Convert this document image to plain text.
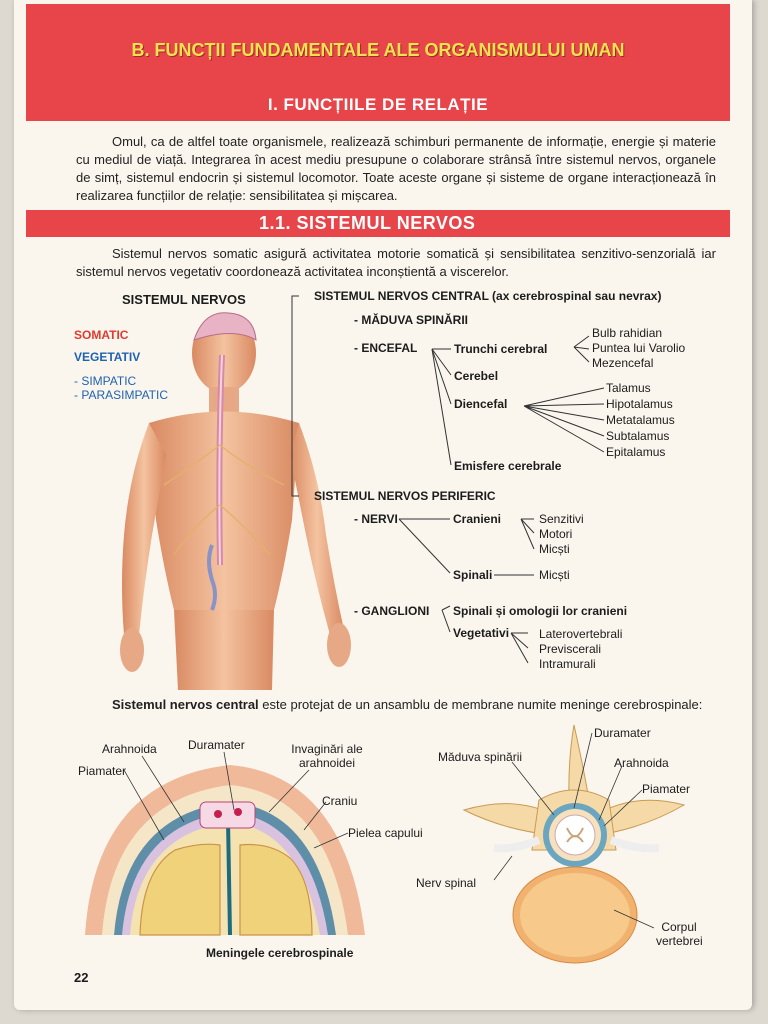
B. FUNCȚII FUNDAMENTALE ALE ORGANISMULUI UMAN
I. FUNCȚIILE DE RELAȚIE
Omul, ca de altfel toate organismele, realizează schimburi permanente de informație, energie și materie cu mediul de viață. Integrarea în acest mediu presupune o colaborare strânsă între sistemul nervos, organele de simț, sistemul endocrin și sistemul locomotor. Toate aceste organe și sisteme de organe interacționează în realizarea funcțiilor de relație: sensibilitatea și mișcarea.
1.1. SISTEMUL NERVOS
Sistemul nervos somatic asigură activitatea motorie somatică și sensibilitatea senzitivo-senzorială iar sistemul nervos vegetativ coordonează activitatea inconștientă a viscerelor.
SISTEMUL NERVOS
SOMATIC
VEGETATIV
- SIMPATIC
- PARASIMPATIC
SISTEMUL NERVOS CENTRAL (ax cerebrospinal sau nevrax)
- MĂDUVA SPINĂRII
- ENCEFAL	Trunchi cerebral
Bulb rahidian
Puntea lui Varolio
Mezencefal
Cerebel
Diencefal
Talamus
Hipotalamus
Metatalamus
Subtalamus
Epitalamus
Emisfere cerebrale
SISTEMUL NERVOS PERIFERIC
- NERVI	Cranieni	Senzitivi
Motori
Micști
Spinali	Micști
- GANGLIONI Spinali și omologii lor cranieni
Vegetativi Laterovertebrali
Previscerali
Intramurali
Sistemul nervos central este protejat de un ansamblu de membrane numite meninge cerebrospinale:
Arahnoida	Duramater	Invaginări ale arahnoidei
Piamater
Craniu
Pielea capului
Meningele cerebrospinale
Duramater
Măduva spinării	Arahnoida
Piamater
Nerv spinal
Corpul vertebrei
22
